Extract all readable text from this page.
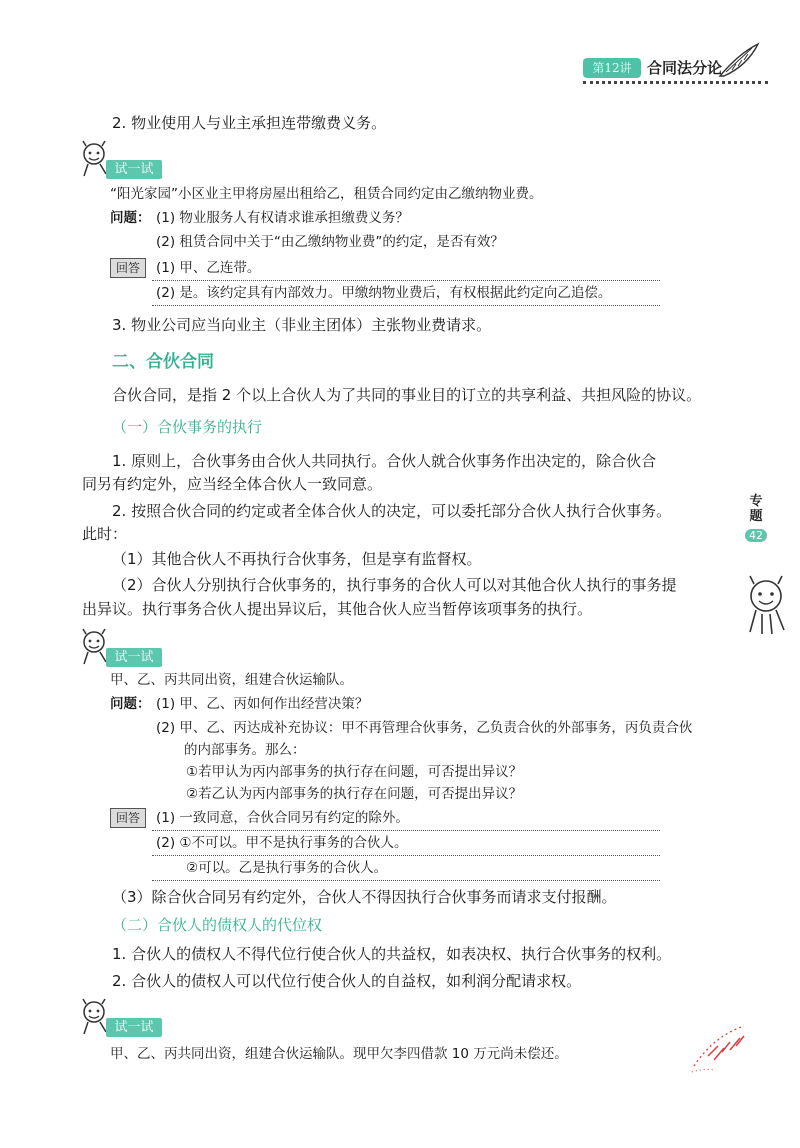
第12讲	合同法分论
2. 物业使用人与业主承担连带缴费义务。
试一试
“阳光家园”小区业主甲将房屋出租给乙，租赁合同约定由乙缴纳物业费。
问题： (1) 物业服务人有权请求谁承担缴费义务？
(2) 租赁合同中关于“由乙缴纳物业费”的约定，是否有效？
回答	(1) 甲、乙连带。
(2) 是。该约定具有内部效力。甲缴纳物业费后，有权根据此约定向乙追偿。
3. 物业公司应当向业主（非业主团体）主张物业费请求。
二、合伙合同
合伙合同，是指 2 个以上合伙人为了共同的事业目的订立的共享利益、共担风险的协议。
（一）合伙事务的执行
1. 原则上，合伙事务由合伙人共同执行。合伙人就合伙事务作出决定的，除合伙合
同另有约定外，应当经全体合伙人一致同意。
2. 按照合伙合同的约定或者全体合伙人的决定，可以委托部分合伙人执行合伙事务。
此时：
（1）其他合伙人不再执行合伙事务，但是享有监督权。
（2）合伙人分别执行合伙事务的，执行事务的合伙人可以对其他合伙人执行的事务提
出异议。执行事务合伙人提出异议后，其他合伙人应当暂停该项事务的执行。
专
题
42
试一试
甲、乙、丙共同出资，组建合伙运输队。
问题： (1) 甲、乙、丙如何作出经营决策？
(2) 甲、乙、丙达成补充协议：甲不再管理合伙事务，乙负责合伙的外部事务，丙负责合伙
的内部事务。那么：
①若甲认为丙内部事务的执行存在问题，可否提出异议？
②若乙认为丙内部事务的执行存在问题，可否提出异议？
回答	(1) 一致同意，合伙合同另有约定的除外。
(2) ①不可以。甲不是执行事务的合伙人。
②可以。乙是执行事务的合伙人。
（3）除合伙合同另有约定外，合伙人不得因执行合伙事务而请求支付报酬。
（二）合伙人的债权人的代位权
1. 合伙人的债权人不得代位行使合伙人的共益权，如表决权、执行合伙事务的权利。
2. 合伙人的债权人可以代位行使合伙人的自益权，如利润分配请求权。
试一试
甲、乙、丙共同出资，组建合伙运输队。现甲欠李四借款 10 万元尚未偿还。
